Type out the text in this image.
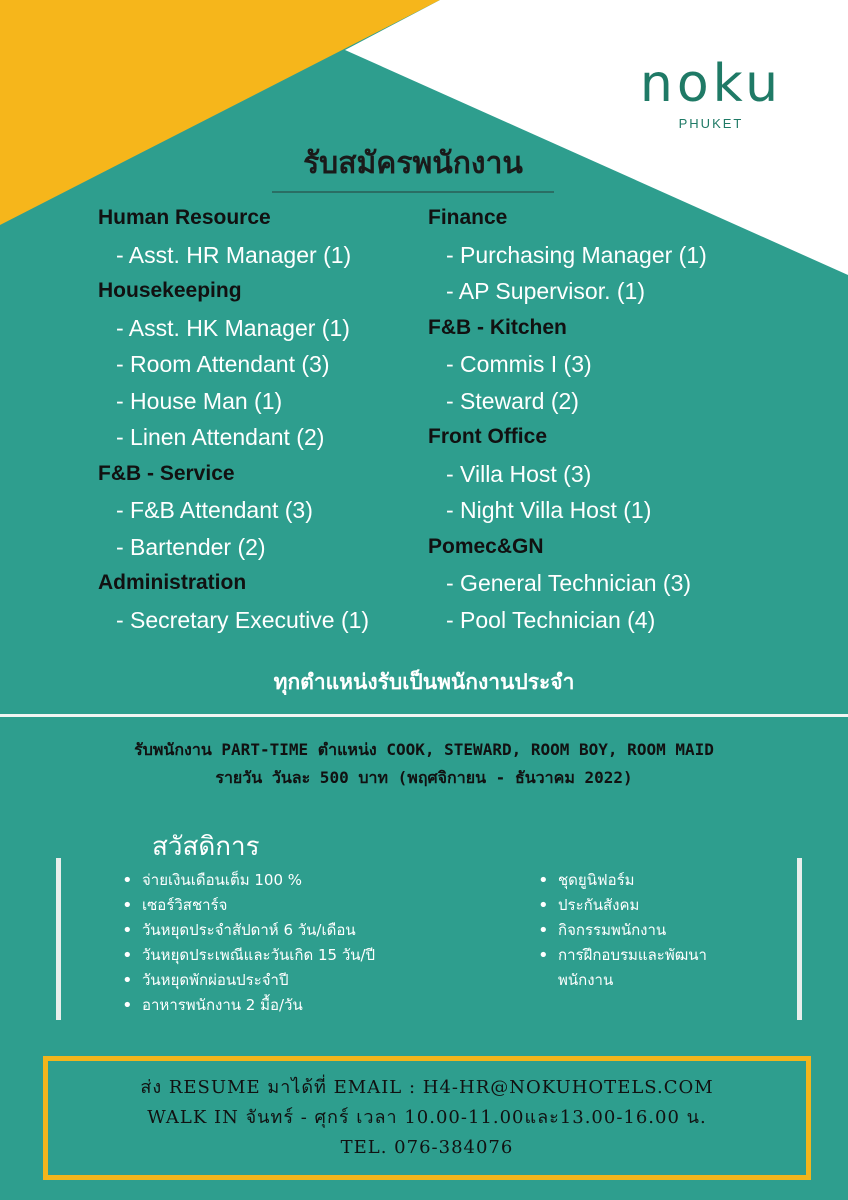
noku
PHUKET
รับสมัครพนักงาน
Human Resource
- Asst. HR Manager (1)
Housekeeping
- Asst. HK Manager (1)
- Room Attendant (3)
- House Man (1)
- Linen Attendant (2)
F&B - Service
- F&B Attendant (3)
- Bartender (2)
Administration
- Secretary Executive (1)
Finance
- Purchasing Manager (1)
- AP Supervisor. (1)
F&B - Kitchen
- Commis I (3)
- Steward (2)
Front Office
- Villa Host (3)
- Night Villa Host (1)
Pomec&GN
- General Technician (3)
- Pool Technician (4)
ทุกตำแหน่งรับเป็นพนักงานประจำ
รับพนักงาน PART-TIME ตำแหน่ง COOK, STEWARD, ROOM BOY, ROOM MAID
รายวัน วันละ 500 บาท (พฤศจิกายน - ธันวาคม 2022)
สวัสดิการ
• จ่ายเงินเดือนเต็ม 100 %
• เซอร์วิสชาร์จ
• วันหยุดประจำสัปดาห์ 6 วัน/เดือน
• วันหยุดประเพณีและวันเกิด 15 วัน/ปี
• วันหยุดพักผ่อนประจำปี
• อาหารพนักงาน 2 มื้อ/วัน
• ชุดยูนิฟอร์ม
• ประกันสังคม
• กิจกรรมพนักงาน
• การฝึกอบรมและพัฒนา พนักงาน
ส่ง RESUME มาได้ที่ EMAIL : H4-HR@NOKUHOTELS.COM
WALK IN จันทร์ - ศุกร์ เวลา 10.00-11.00และ13.00-16.00 น.
TEL. 076-384076
